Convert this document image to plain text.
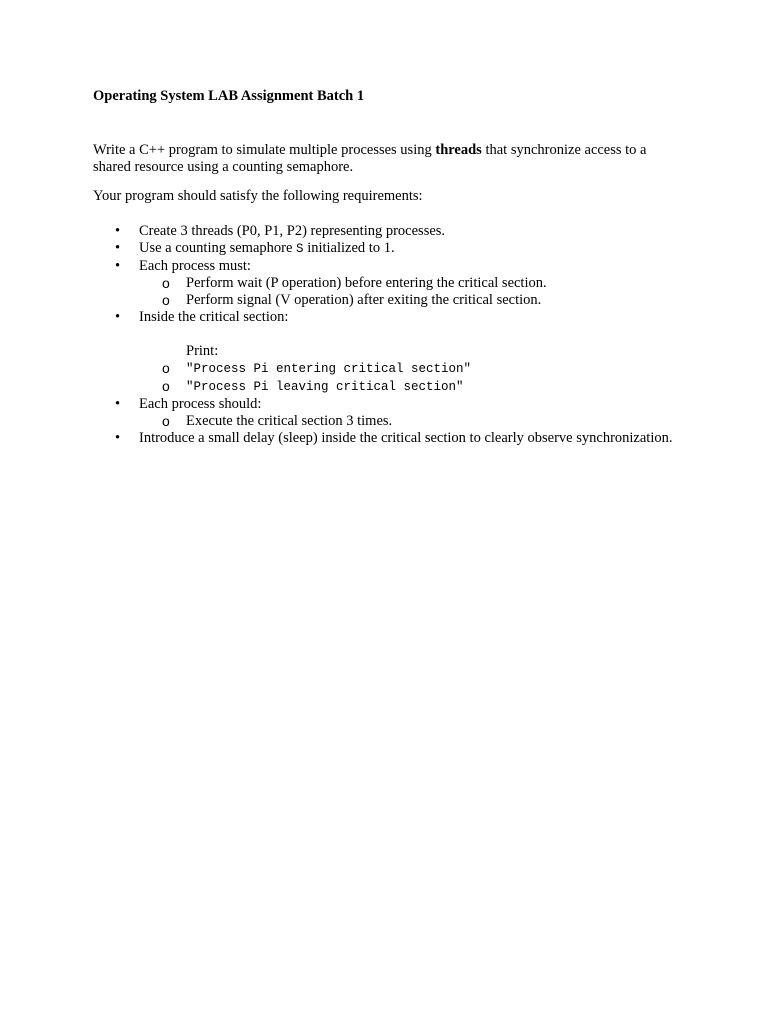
Operating System LAB Assignment Batch 1

Write a C++ program to simulate multiple processes using threads that synchronize access to a shared resource using a counting semaphore.

Your program should satisfy the following requirements:

• Create 3 threads (P0, P1, P2) representing processes.
• Use a counting semaphore S initialized to 1.
• Each process must:
o Perform wait (P operation) before entering the critical section.
o Perform signal (V operation) after exiting the critical section.
• Inside the critical section:
Print:
o "Process Pi entering critical section"
o "Process Pi leaving critical section"
• Each process should:
o Execute the critical section 3 times.
• Introduce a small delay (sleep) inside the critical section to clearly observe synchronization.
